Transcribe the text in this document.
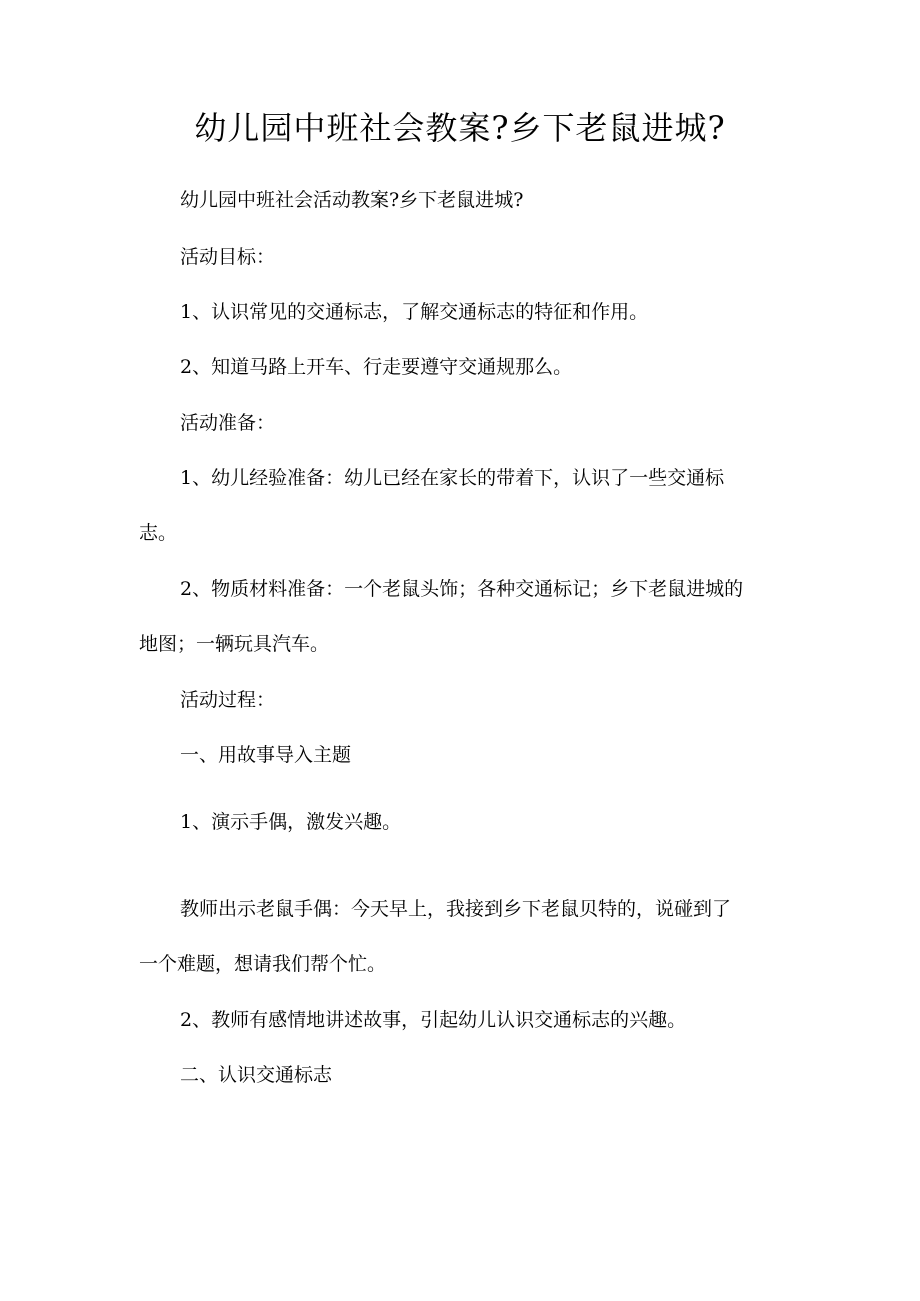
幼儿园中班社会教案?乡下老鼠进城?
幼儿园中班社会活动教案?乡下老鼠进城?
活动目标：
1、认识常见的交通标志，了解交通标志的特征和作用。
2、知道马路上开车、行走要遵守交通规那么。
活动准备：
1、幼儿经验准备：幼儿已经在家长的带着下，认识了一些交通标
志。
2、物质材料准备：一个老鼠头饰；各种交通标记；乡下老鼠进城的
地图；一辆玩具汽车。
活动过程：
一、用故事导入主题
1、演示手偶，激发兴趣。
教师出示老鼠手偶：今天早上，我接到乡下老鼠贝特的，说碰到了
一个难题，想请我们帮个忙。
2、教师有感情地讲述故事，引起幼儿认识交通标志的兴趣。
二、认识交通标志
